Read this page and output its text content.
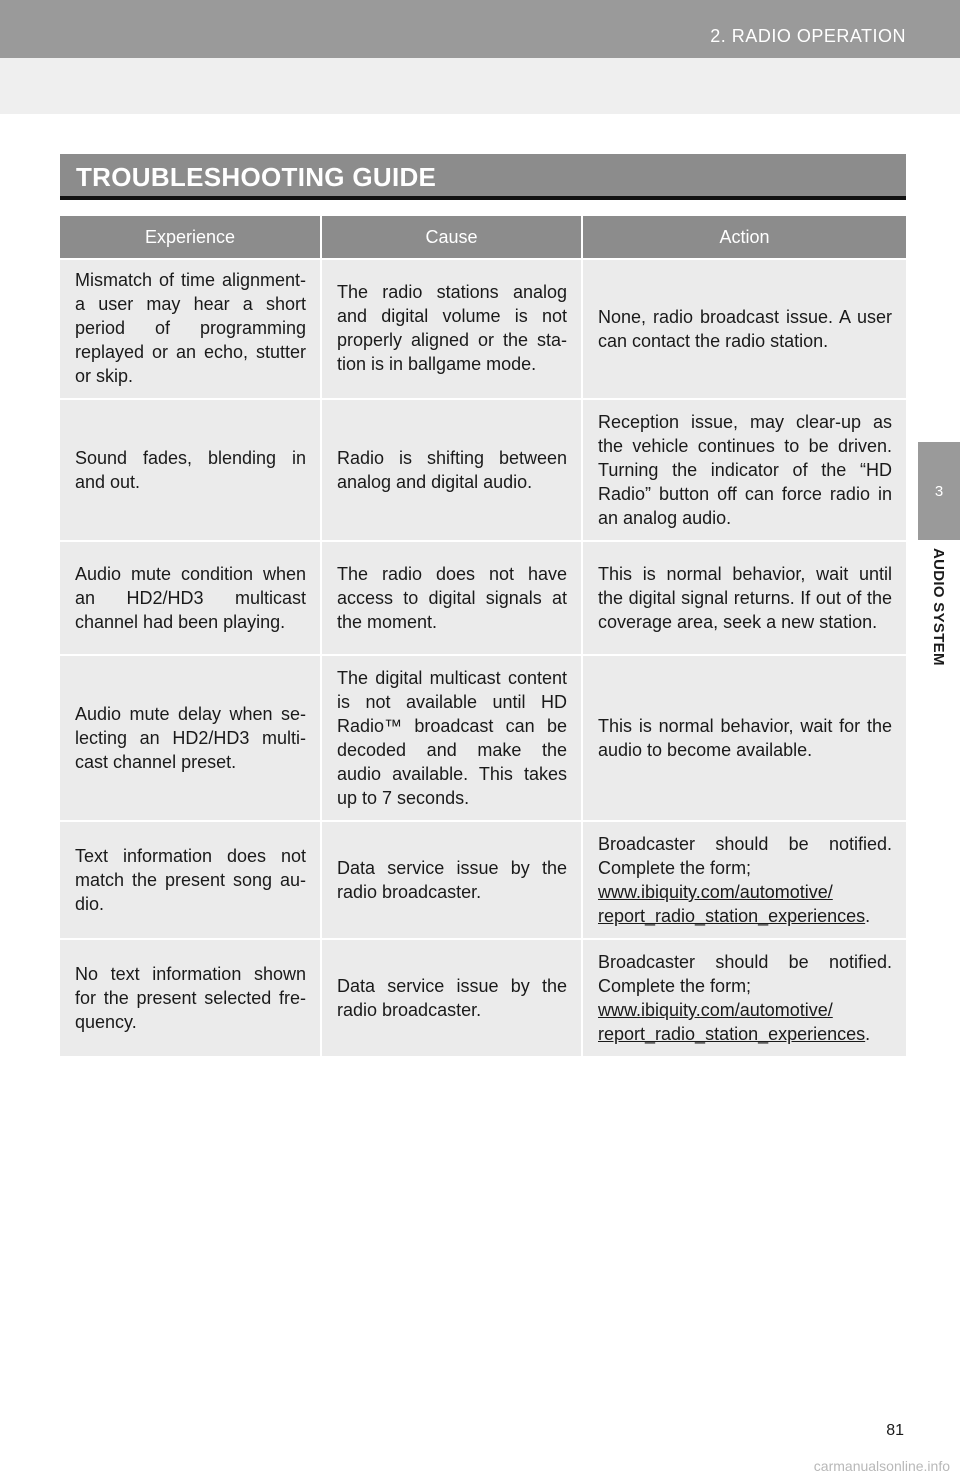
2. RADIO OPERATION
3
AUDIO SYSTEM
TROUBLESHOOTING GUIDE
Experience	Cause	Action
Mismatch of time alignment- a user may hear a short period of programming replayed or an echo, stutter or skip.	The radio stations analog and digital volume is not properly aligned or the station is in ballgame mode.	None, radio broadcast issue. A user can contact the radio station.
Sound fades, blending in and out.	Radio is shifting between analog and digital audio.	Reception issue, may clear-up as the vehicle continues to be driven. Turning the indicator of the “HD Radio” button off can force radio in an analog audio.
Audio mute condition when an HD2/HD3 multicast channel had been playing.	The radio does not have access to digital signals at the moment.	This is normal behavior, wait until the digital signal returns. If out of the coverage area, seek a new station.
Audio mute delay when selecting an HD2/HD3 multicast channel preset.	The digital multicast content is not available until HD Radio™ broadcast can be decoded and make the audio available. This takes up to 7 seconds.	This is normal behavior, wait for the audio to become available.
Text information does not match the present song audio.	Data service issue by the radio broadcaster.	Broadcaster should be notified. Complete the form;
www.ibiquity.com/automotive/
report_radio_station_experiences.
No text information shown for the present selected frequency.	Data service issue by the radio broadcaster.	Broadcaster should be notified. Complete the form;
www.ibiquity.com/automotive/
report_radio_station_experiences.
81
carmanualsonline.info
